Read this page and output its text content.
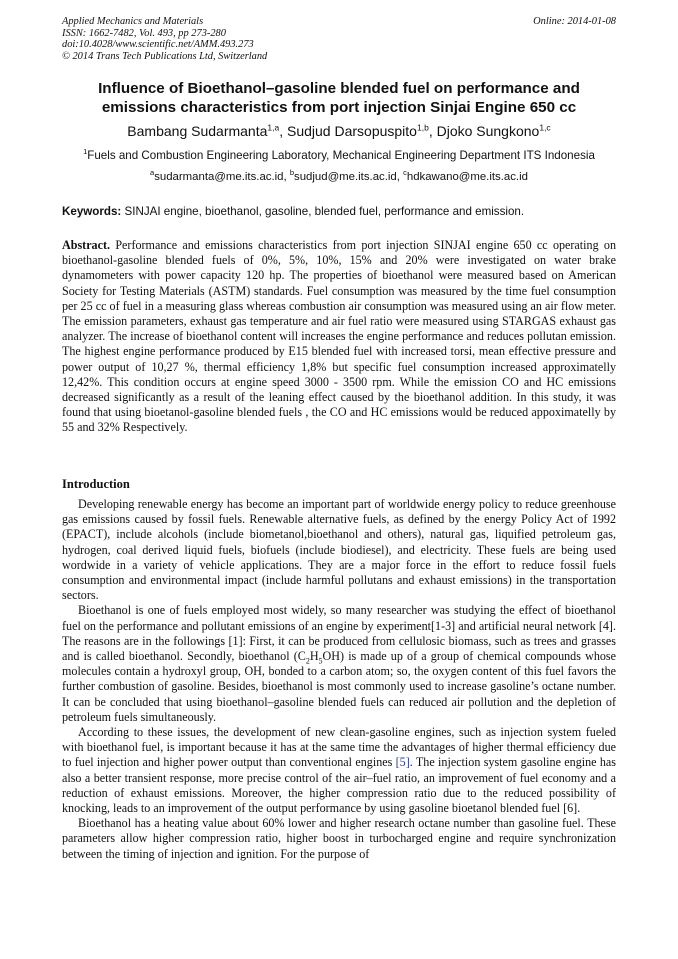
Applied Mechanics and Materials
ISSN: 1662-7482, Vol. 493, pp 273-280
doi:10.4028/www.scientific.net/AMM.493.273
© 2014 Trans Tech Publications Ltd, Switzerland
Online: 2014-01-08
Influence of Bioethanol–gasoline blended fuel on performance and emissions characteristics from port injection Sinjai Engine 650 cc
Bambang Sudarmanta$^{1,a}$, Sudjud Darsopuspito$^{1,b}$, Djoko Sungkono$^{1,c}$
$^1$Fuels and Combustion Engineering Laboratory, Mechanical Engineering Department ITS Indonesia
$^a$sudarmanta@me.its.ac.id, $^b$sudjud@me.its.ac.id, $^c$hdkawano@me.its.ac.id
Keywords: SINJAI engine, bioethanol, gasoline, blended fuel, performance and emission.
Abstract. Performance and emissions characteristics from port injection SINJAI engine 650 cc operating on bioethanol-gasoline blended fuels of 0%, 5%, 10%, 15% and 20% were investigated on water brake dynamometers with power capacity 120 hp. The properties of bioethanol were measured based on American Society for Testing Materials (ASTM) standards. Fuel consumption was measured by the time fuel consumption per 25 cc of fuel in a measuring glass whereas combustion air consumption was measured using an air flow meter. The emission parameters, exhaust gas temperature and air fuel ratio were measured using STARGAS exhaust gas analyzer. The increase of bioethanol content will increases the engine performance and reduces pollutan emission. The highest engine performance produced by E15 blended fuel with increased torsi, mean effective pressure and power output of 10,27 %, thermal efficiency 1,8% but specific fuel consumption increased approximatelly 12,42%. This condition occurs at engine speed 3000 - 3500 rpm. While the emission CO and HC emissions decreased significantly as a result of the leaning effect caused by the bioethanol addition. In this study, it was found that using bioetanol-gasoline blended fuels , the CO and HC emissions would be reduced appoximatelly by 55 and 32% Respectively.
Introduction

Developing renewable energy has become an important part of worldwide energy policy to reduce greenhouse gas emissions caused by fossil fuels. Renewable alternative fuels, as defined by the energy Policy Act of 1992 (EPACT), include alcohols (include biometanol,bioethanol and others), natural gas, liquified petroleum gas, hydrogen, coal derived liquid fuels, biofuels (include biodiesel), and electricity. These fuels are being used wordwide in a variety of vehicle applications. They are a major force in the effort to reduce fossil fuels consumption and environmental impact (include harmful pollutans and exhaust emissions) in the transportation sectors.

Bioethanol is one of fuels employed most widely, so many researcher was studying the effect of bioethanol fuel on the performance and pollutant emissions of an engine by experiment[1-3] and artificial neural network [4]. The reasons are in the followings [1]: First, it can be produced from cellulosic biomass, such as trees and grasses and is called bioethanol. Secondly, bioethanol $(C_2H_5OH)$ is made up of a group of chemical compounds whose molecules contain a hydroxyl group, OH, bonded to a carbon atom; so, the oxygen content of this fuel favors the further combustion of gasoline. Besides, bioethanol is most commonly used to increase gasoline’s octane number. It can be concluded that using bioethanol–gasoline blended fuels can reduced air pollution and the depletion of petroleum fuels simultaneously.

According to these issues, the development of new clean-gasoline engines, such as injection system fueled with bioethanol fuel, is important because it has at the same time the advantages of higher thermal efficiency due to fuel injection and higher power output than conventional engines [5]. The injection system gasoline engine has also a better transient response, more precise control of the air–fuel ratio, an improvement of fuel economy and a reduction of exhaust emissions. Moreover, the higher compression ratio due to the reduced possibility of knocking, leads to an improvement of the output performance by using gasoline bioetanol blended fuel [6].

Bioethanol has a heating value about 60% lower and higher research octane number than gasoline fuel. These parameters allow higher compression ratio, higher boost in turbocharged engine and require synchronization between the timing of injection and ignition. For the purpose of
